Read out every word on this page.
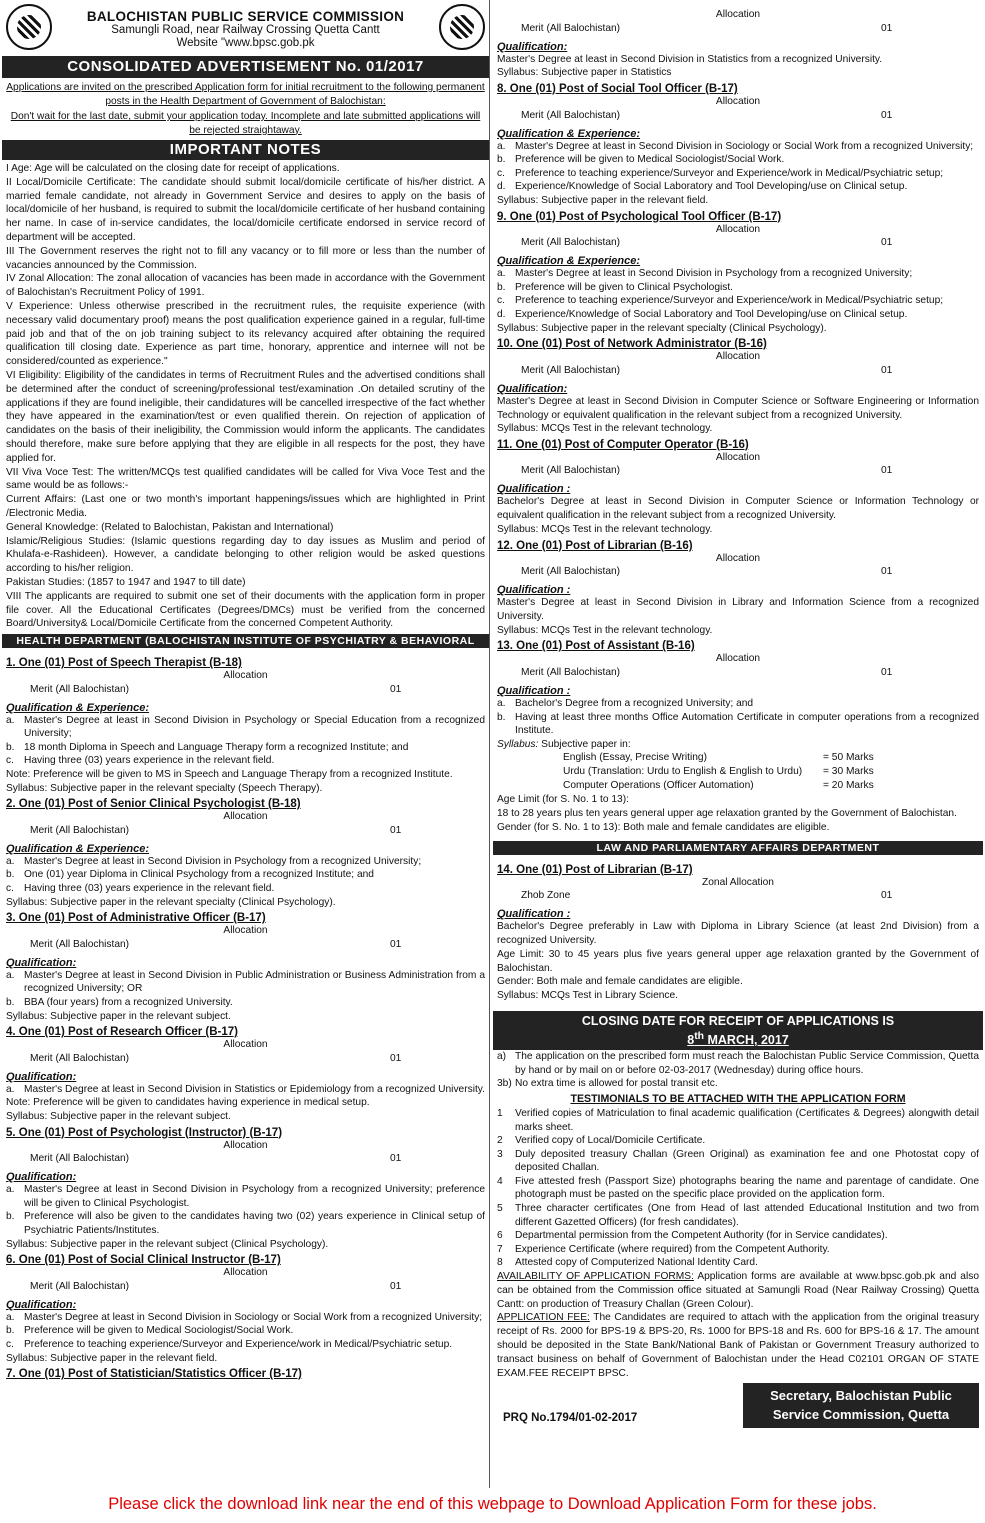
BALOCHISTAN PUBLIC SERVICE COMMISSION
Samungli Road, near Railway Crossing Quetta Cantt
Website "www.bpsc.gob.pk
CONSOLIDATED ADVERTISEMENT No. 01/2017
Applications are invited on the prescribed Application form for initial recruitment to the following permanent posts in the Health Department of Government of Balochistan:
Don't wait for the last date, submit your application today. Incomplete and late submitted applications will be rejected straightaway.
IMPORTANT NOTES
I Age: Age will be calculated on the closing date for receipt of applications.
II Local/Domicile Certificate: The candidate should submit local/domicile certificate of his/her district. A married female candidate, not already in Government Service and desires to apply on the basis of local/domicile of her husband, is required to submit the local/domicile certificate of her husband containing her name. In case of in-service candidates, the local/domicile certificate endorsed in service record of department will be accepted.
III The Government reserves the right not to fill any vacancy or to fill more or less than the number of vacancies announced by the Commission.
IV Zonal Allocation: The zonal allocation of vacancies has been made in accordance with the Government of Balochistan's Recruitment Policy of 1991.
V Experience: Unless otherwise prescribed in the recruitment rules, the requisite experience (with necessary valid documentary proof) means the post qualification experience gained in a regular, full-time paid job and that of the on job training subject to its relevancy acquired after obtaining the required qualification till closing date. Experience as part time, honorary, apprentice and internee will not be considered/counted as experience."
VI Eligibility: Eligibility of the candidates in terms of Recruitment Rules and the advertised conditions shall be determined after the conduct of screening/professional test/examination .On detailed scrutiny of the applications if they are found ineligible, their candidatures will be cancelled irrespective of the fact whether they have appeared in the examination/test or even qualified therein. On rejection of application of candidates on the basis of their ineligibility, the Commission would inform the applicants. The candidates should therefore, make sure before applying that they are eligible in all respects for the post, they have applied for.
VII Viva Voce Test: The written/MCQs test qualified candidates will be called for Viva Voce Test and the same would be as follows:-
Current Affairs: (Last one or two month's important happenings/issues which are highlighted in Print /Electronic Media.
General Knowledge: (Related to Balochistan, Pakistan and International)
Islamic/Religious Studies: (Islamic questions regarding day to day issues as Muslim and period of Khulafa-e-Rashideen). However, a candidate belonging to other religion would be asked questions according to his/her religion.
Pakistan Studies: (1857 to 1947 and 1947 to till date)
VIII The applicants are required to submit one set of their documents with the application form in proper file cover. All the Educational Certificates (Degrees/DMCs) must be verified from the concerned Board/University& Local/Domicile Certificate from the concerned Competent Authority.
HEALTH DEPARTMENT (BALOCHISTAN INSTITUTE OF PSYCHIATRY & BEHAVIORAL SCIENCES)
1. One (01) Post of Speech Therapist (B-18)
Allocation
Merit (All Balochistan)	01
Qualification & Experience:
a. Master's Degree at least in Second Division in Psychology or Special Education from a recognized University;
b. 18 month Diploma in Speech and Language Therapy form a recognized Institute; and
c. Having three (03) years experience in the relevant field.
Note: Preference will be given to MS in Speech and Language Therapy from a recognized Institute.
Syllabus: Subjective paper in the relevant specialty (Speech Therapy).
2. One (01) Post of Senior Clinical Psychologist (B-18)
Allocation
Merit (All Balochistan)	01
Qualification & Experience:
a. Master's Degree at least in Second Division in Psychology from a recognized University;
b. One (01) year Diploma in Clinical Psychology from a recognized Institute; and
c. Having three (03) years experience in the relevant field.
Syllabus: Subjective paper in the relevant specialty (Clinical Psychology).
3. One (01) Post of Administrative Officer (B-17)
Allocation
Merit (All Balochistan)	01
Qualification:
a. Master's Degree at least in Second Division in Public Administration or Business Administration from a recognized University; OR
b. BBA (four years) from a recognized University.
Syllabus: Subjective paper in the relevant subject.
4. One (01) Post of Research Officer (B-17)
Allocation
Merit (All Balochistan)	01
Qualification:
a. Master's Degree at least in Second Division in Statistics or Epidemiology from a recognized University.
Note: Preference will be given to candidates having experience in medical setup.
Syllabus: Subjective paper in the relevant subject.
5. One (01) Post of Psychologist (Instructor) (B-17)
Allocation
Merit (All Balochistan)	01
Qualification:
a. Master's Degree at least in Second Division in Psychology from a recognized University; preference will be given to Clinical Psychologist.
b. Preference will also be given to the candidates having two (02) years experience in Clinical setup of Psychiatric Patients/Institutes.
Syllabus: Subjective paper in the relevant subject (Clinical Psychology).
6. One (01) Post of Social Clinical Instructor (B-17)
Allocation
Merit (All Balochistan)	01
Qualification:
a. Master's Degree at least in Second Division in Sociology or Social Work from a recognized University;
b. Preference will be given to Medical Sociologist/Social Work.
c. Preference to teaching experience/Surveyor and Experience/work in Medical/Psychiatric setup.
Syllabus: Subjective paper in the relevant field.
7. One (01) Post of Statistician/Statistics Officer (B-17)
Allocation
Merit (All Balochistan)	01
Qualification:
Master's Degree at least in Second Division in Statistics from a recognized University.
Syllabus: Subjective paper in Statistics
8. One (01) Post of Social Tool Officer (B-17)
Allocation
Merit (All Balochistan)	01
Qualification & Experience:
a. Master's Degree at least in Second Division in Sociology or Social Work from a recognized University;
b. Preference will be given to Medical Sociologist/Social Work.
c. Preference to teaching experience/Surveyor and Experience/work in Medical/Psychiatric setup;
d. Experience/Knowledge of Social Laboratory and Tool Developing/use on Clinical setup.
Syllabus: Subjective paper in the relevant field.
9. One (01) Post of Psychological Tool Officer (B-17)
Allocation
Merit (All Balochistan)	01
Qualification & Experience:
a. Master's Degree at least in Second Division in Psychology from a recognized University;
b. Preference will be given to Clinical Psychologist.
c. Preference to teaching experience/Surveyor and Experience/work in Medical/Psychiatric setup;
d. Experience/Knowledge of Social Laboratory and Tool Developing/use on Clinical setup.
Syllabus: Subjective paper in the relevant specialty (Clinical Psychology).
10. One (01) Post of Network Administrator (B-16)
Allocation
Merit (All Balochistan)	01
Qualification:
Master's Degree at least in Second Division in Computer Science or Software Engineering or Information Technology or equivalent qualification in the relevant subject from a recognized University.
Syllabus: MCQs Test in the relevant technology.
11. One (01) Post of Computer Operator (B-16)
Allocation
Merit (All Balochistan)	01
Qualification :
Bachelor's Degree at least in Second Division in Computer Science or Information Technology or equivalent qualification in the relevant subject from a recognized University.
Syllabus: MCQs Test in the relevant technology.
12. One (01) Post of Librarian (B-16)
Allocation
Merit (All Balochistan)	01
Qualification :
Master's Degree at least in Second Division in Library and Information Science from a recognized University.
Syllabus: MCQs Test in the relevant technology.
13. One (01) Post of Assistant (B-16)
Allocation
Merit (All Balochistan)	01
Qualification :
a. Bachelor's Degree from a recognized University; and
b. Having at least three months Office Automation Certificate in computer operations from a recognized Institute.
Syllabus: Subjective paper in:
English (Essay, Precise Writing)	= 50 Marks
Urdu (Translation: Urdu to English & English to Urdu) = 30 Marks
Computer Operations (Officer Automation)	= 20 Marks
Age Limit (for S. No. 1 to 13):
18 to 28 years plus ten years general upper age relaxation granted by the Government of Balochistan.
Gender (for S. No. 1 to 13): Both male and female candidates are eligible.
LAW AND PARLIAMENTARY AFFAIRS DEPARTMENT
14. One (01) Post of Librarian (B-17)
Zonal Allocation
Zhob Zone	01
Qualification :
Bachelor's Degree preferably in Law with Diploma in Library Science (at least 2nd Division) from a recognized University.
Age Limit: 30 to 45 years plus five years general upper age relaxation granted by the Government of Balochistan.
Gender: Both male and female candidates are eligible.
Syllabus: MCQs Test in Library Science.
CLOSING DATE FOR RECEIPT OF APPLICATIONS IS
8th MARCH, 2017
a) The application on the prescribed form must reach the Balochistan Public Service Commission, Quetta by hand or by mail on or before 02-03-2017 (Wednesday) during office hours.
3b) No extra time is allowed for postal transit etc.
TESTIMONIALS TO BE ATTACHED WITH THE APPLICATION FORM
1 Verified copies of Matriculation to final academic qualification (Certificates & Degrees) alongwith detail marks sheet.
2 Verified copy of Local/Domicile Certificate.
3 Duly deposited treasury Challan (Green Original) as examination fee and one Photostat copy of deposited Challan.
4 Five attested fresh (Passport Size) photographs bearing the name and parentage of candidate. One photograph must be pasted on the specific place provided on the application form.
5 Three character certificates (One from Head of last attended Educational Institution and two from different Gazetted Officers) (for fresh candidates).
6 Departmental permission from the Competent Authority (for in Service candidates).
7 Experience Certificate (where required) from the Competent Authority.
8 Attested copy of Computerized National Identity Card.
AVAILABILITY OF APPLICATION FORMS: Application forms are available at www.bpsc.gob.pk and also can be obtained from the Commission office situated at Samungli Road (Near Railway Crossing) Quetta Cantt: on production of Treasury Challan (Green Colour).
APPLICATION FEE: The Candidates are required to attach with the application from the original treasury receipt of Rs. 2000 for BPS-19 & BPS-20, Rs. 1000 for BPS-18 and Rs. 600 for BPS-16 & 17. The amount should be deposited in the State Bank/National Bank of Pakistan or Government Treasury authorized to transact business on behalf of Government of Balochistan under the Head C02101 ORGAN OF STATE EXAM.FEE RECEIPT BPSC.
PRQ No.1794/01-02-2017
Secretary, Balochistan Public
Service Commission, Quetta
Please click the download link near the end of this webpage to Download Application Form for these jobs.
